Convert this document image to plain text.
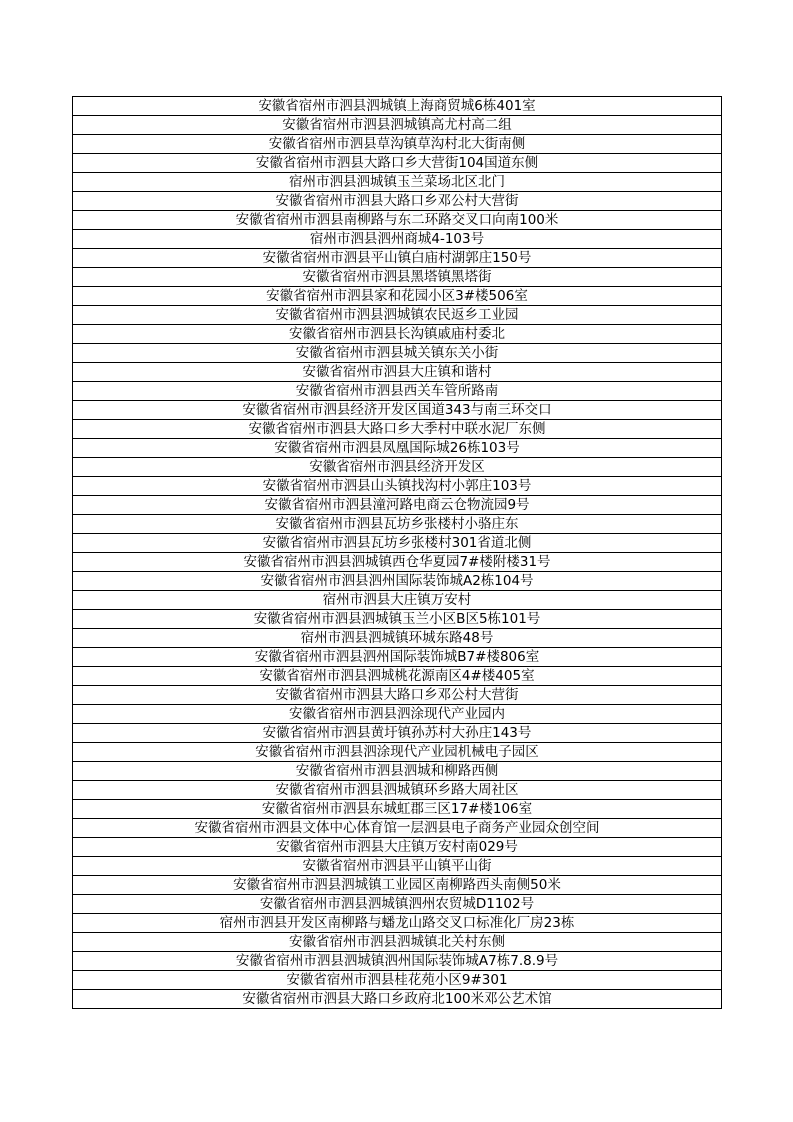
安徽省宿州市泗县泗城镇上海商贸城6栋401室
安徽省宿州市泗县泗城镇高尤村高二组
安徽省宿州市泗县草沟镇草沟村北大街南侧
安徽省宿州市泗县大路口乡大营街104国道东侧
宿州市泗县泗城镇玉兰菜场北区北门
安徽省宿州市泗县大路口乡邓公村大营街
安徽省宿州市泗县南柳路与东二环路交叉口向南100米
宿州市泗县泗州商城4-103号
安徽省宿州市泗县平山镇白庙村湖郭庄150号
安徽省宿州市泗县黑塔镇黑塔街
安徽省宿州市泗县家和花园小区3#楼506室
安徽省宿州市泗县泗城镇农民返乡工业园
安徽省宿州市泗县长沟镇戚庙村委北
安徽省宿州市泗县城关镇东关小街
安徽省宿州市泗县大庄镇和谐村
安徽省宿州市泗县西关车管所路南
安徽省宿州市泗县经济开发区国道343与南三环交口
安徽省宿州市泗县大路口乡大季村中联水泥厂东侧
安徽省宿州市泗县凤凰国际城26栋103号
安徽省宿州市泗县经济开发区
安徽省宿州市泗县山头镇找沟村小郭庄103号
安徽省宿州市泗县潼河路电商云仓物流园9号
安徽省宿州市泗县瓦坊乡张楼村小骆庄东
安徽省宿州市泗县瓦坊乡张楼村301省道北侧
安徽省宿州市泗县泗城镇西仓华夏园7#楼附楼31号
安徽省宿州市泗县泗州国际装饰城A2栋104号
宿州市泗县大庄镇万安村
安徽省宿州市泗县泗城镇玉兰小区B区5栋101号
宿州市泗县泗城镇环城东路48号
安徽省宿州市泗县泗州国际装饰城B7#楼806室
安徽省宿州市泗县泗城桃花源南区4#楼405室
安徽省宿州市泗县大路口乡邓公村大营街
安徽省宿州市泗县泗涂现代产业园内
安徽省宿州市泗县黄圩镇孙苏村大孙庄143号
安徽省宿州市泗县泗涂现代产业园机械电子园区
安徽省宿州市泗县泗城和柳路西侧
安徽省宿州市泗县泗城镇环乡路大周社区
安徽省宿州市泗县东城虹郡三区17#楼106室
安徽省宿州市泗县文体中心体育馆一层泗县电子商务产业园众创空间
安徽省宿州市泗县大庄镇万安村南029号
安徽省宿州市泗县平山镇平山街
安徽省宿州市泗县泗城镇工业园区南柳路西头南侧50米
安徽省宿州市泗县泗城镇泗州农贸城D1102号
宿州市泗县开发区南柳路与蟠龙山路交叉口标准化厂房23栋
安徽省宿州市泗县泗城镇北关村东侧
安徽省宿州市泗县泗城镇泗州国际装饰城A7栋7.8.9号
安徽省宿州市泗县桂花苑小区9#301
安徽省宿州市泗县大路口乡政府北100米邓公艺术馆
